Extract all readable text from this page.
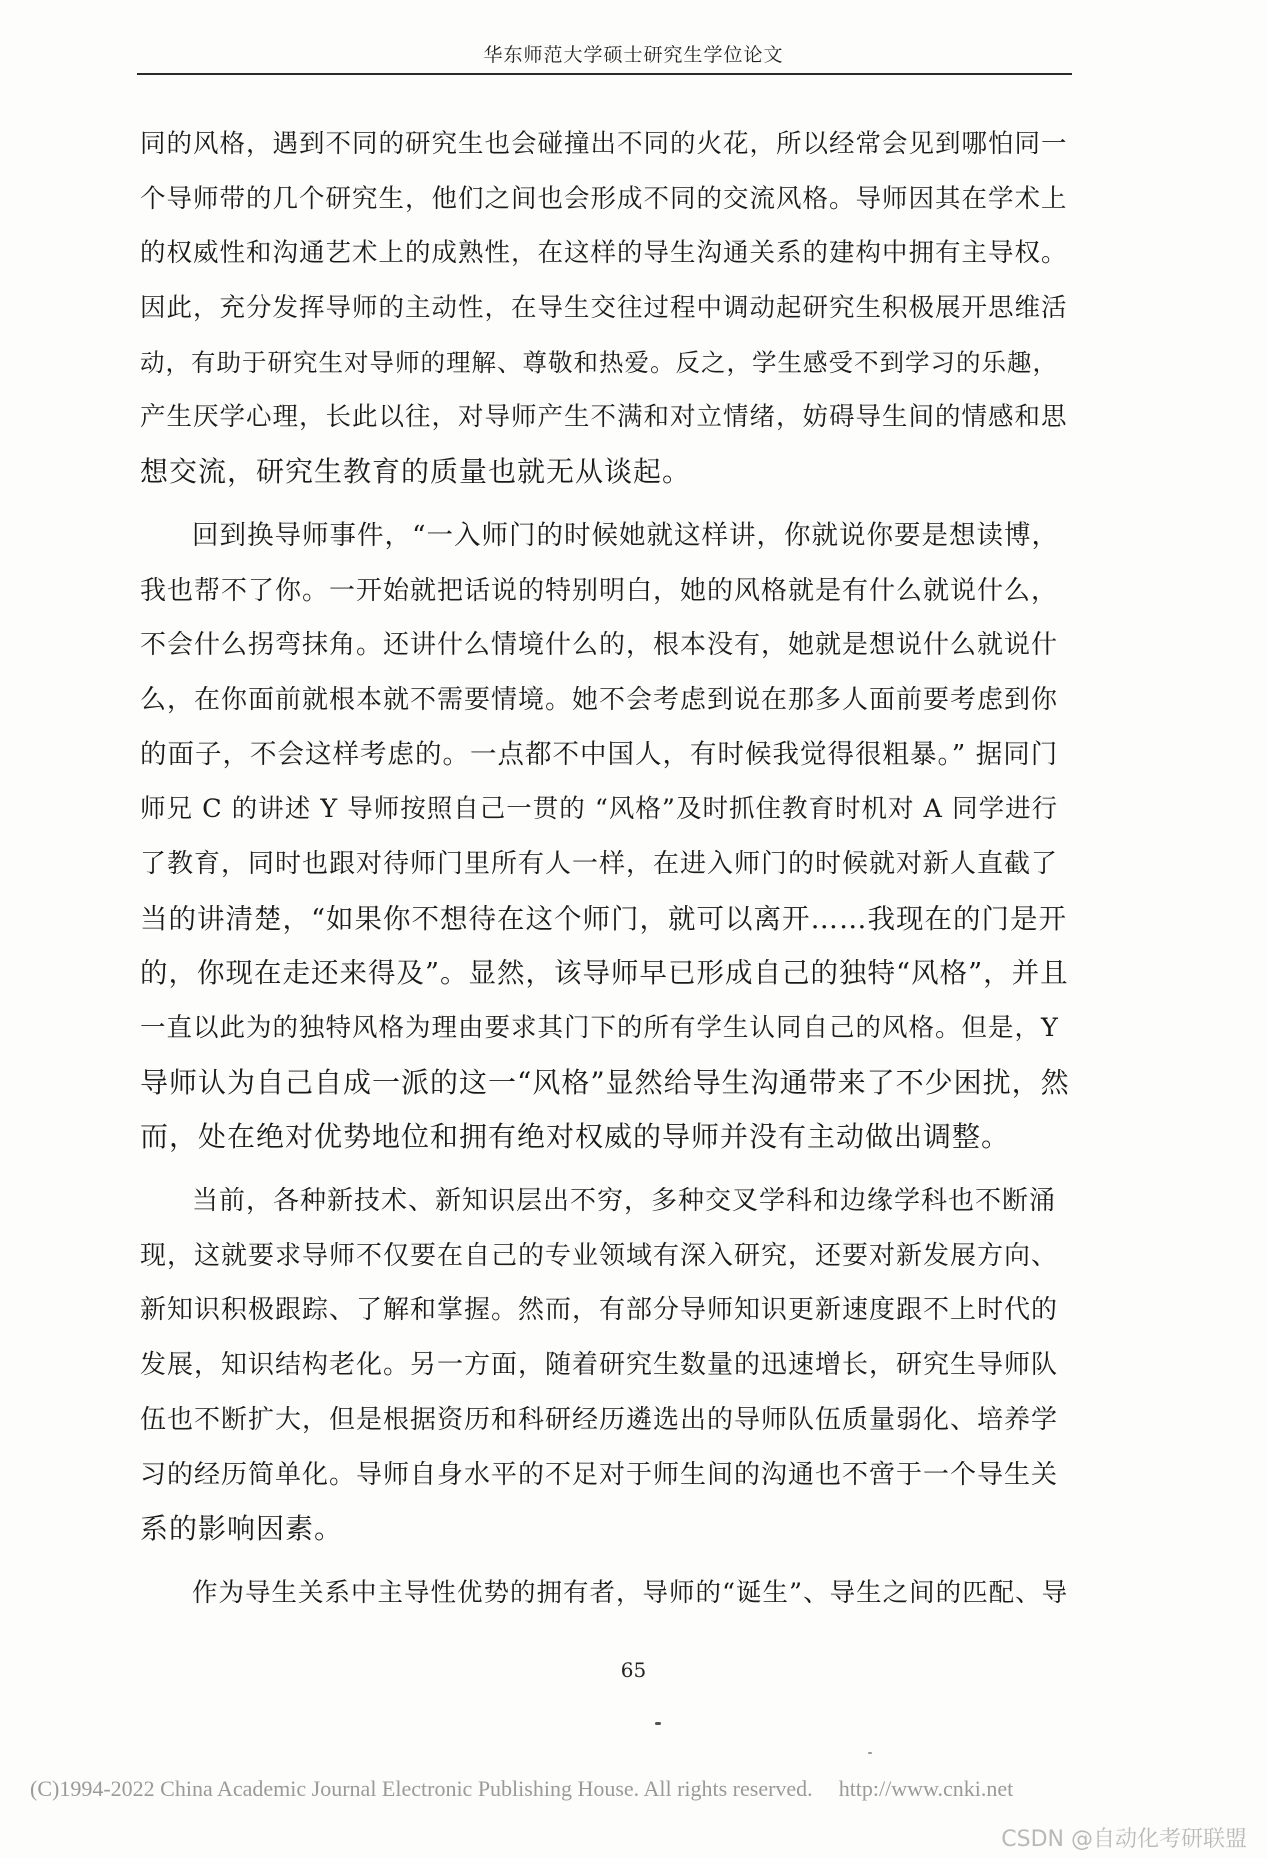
华东师范大学硕士研究生学位论文
同的风格，遇到不同的研究生也会碰撞出不同的火花，所以经常会见到哪怕同一
个导师带的几个研究生，他们之间也会形成不同的交流风格。导师因其在学术上
的权威性和沟通艺术上的成熟性，在这样的导生沟通关系的建构中拥有主导权。
因此，充分发挥导师的主动性，在导生交往过程中调动起研究生积极展开思维活
动，有助于研究生对导师的理解、尊敬和热爱。反之，学生感受不到学习的乐趣，
产生厌学心理，长此以往，对导师产生不满和对立情绪，妨碍导生间的情感和思
想交流，研究生教育的质量也就无从谈起。
回到换导师事件，“一入师门的时候她就这样讲，你就说你要是想读博，
我也帮不了你。一开始就把话说的特别明白，她的风格就是有什么就说什么，
不会什么拐弯抹角。还讲什么情境什么的，根本没有，她就是想说什么就说什
么，在你面前就根本就不需要情境。她不会考虑到说在那多人面前要考虑到你
的面子，不会这样考虑的。一点都不中国人，有时候我觉得很粗暴。” 据同门
师兄 C 的讲述 Y 导师按照自己一贯的 “风格”及时抓住教育时机对 A 同学进行
了教育，同时也跟对待师门里所有人一样，在进入师门的时候就对新人直截了
当的讲清楚，“如果你不想待在这个师门，就可以离开……我现在的门是开
的，你现在走还来得及”。显然，该导师早已形成自己的独特“风格”，并且
一直以此为的独特风格为理由要求其门下的所有学生认同自己的风格。但是，Y
导师认为自己自成一派的这一“风格”显然给导生沟通带来了不少困扰，然
而，处在绝对优势地位和拥有绝对权威的导师并没有主动做出调整。
当前，各种新技术、新知识层出不穷，多种交叉学科和边缘学科也不断涌
现，这就要求导师不仅要在自己的专业领域有深入研究，还要对新发展方向、
新知识积极跟踪、了解和掌握。然而，有部分导师知识更新速度跟不上时代的
发展，知识结构老化。另一方面，随着研究生数量的迅速增长，研究生导师队
伍也不断扩大，但是根据资历和科研经历遴选出的导师队伍质量弱化、培养学
习的经历简单化。导师自身水平的不足对于师生间的沟通也不啻于一个导生关
系的影响因素。
作为导生关系中主导性优势的拥有者，导师的“诞生”、导生之间的匹配、导
65
(C)1994-2022 China Academic Journal Electronic Publishing House. All rights reserved. http://www.cnki.net
CSDN @自动化考研联盟
